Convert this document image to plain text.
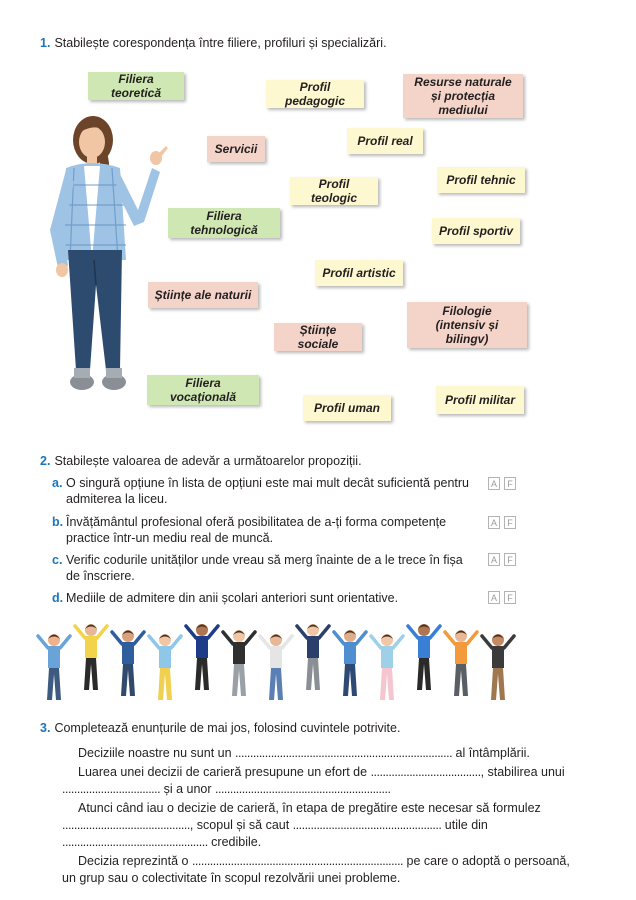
1. Stabilește corespondența între filiere, profiluri și specializări.
Filiera
teoretică	Profil
pedagogic
Resurse naturale
și protecția
mediului
Servicii
Profil real
Profil
teologic
Profil tehnic
Filiera
tehnologică	Profil sportiv
Profil artistic
Științe ale naturii
Filologie
(intensiv și
bilingv)
Științe sociale
Filiera
vocațională
Profil uman
Profil militar
2. Stabilește valoarea de adevăr a următoarelor propoziții.
a. O singură opțiune în lista de opțiuni este mai mult decât suficientă pentru admiterea la liceu.
A	F
b. Învățământul profesional oferă posibilitatea de a-ți forma competențe practice într-un mediu real de muncă.
A	F
c. Verific codurile unităților unde vreau să merg înainte de a le trece în fișa de înscriere.
A	F
d. Mediile de admitere din anii școlari anteriori sunt orientative.	A	F
3. Completează enunțurile de mai jos, folosind cuvintele potrivite.

Deciziile noastre nu sunt un ......................................................................... al întâmplării.

Luarea unei decizii de carieră presupune un efort de ....................................., stabilirea unui ................................. și a unor ...........................................................

Atunci când iau o decizie de carieră, în etapa de pregătire este necesar să formulez ..........................................., scopul și să caut .................................................. utile din ................................................. credibile.

Decizia reprezintă o ....................................................................... pe care o adoptă o persoană, un grup sau o colectivitate în scopul rezolvării unei probleme.
